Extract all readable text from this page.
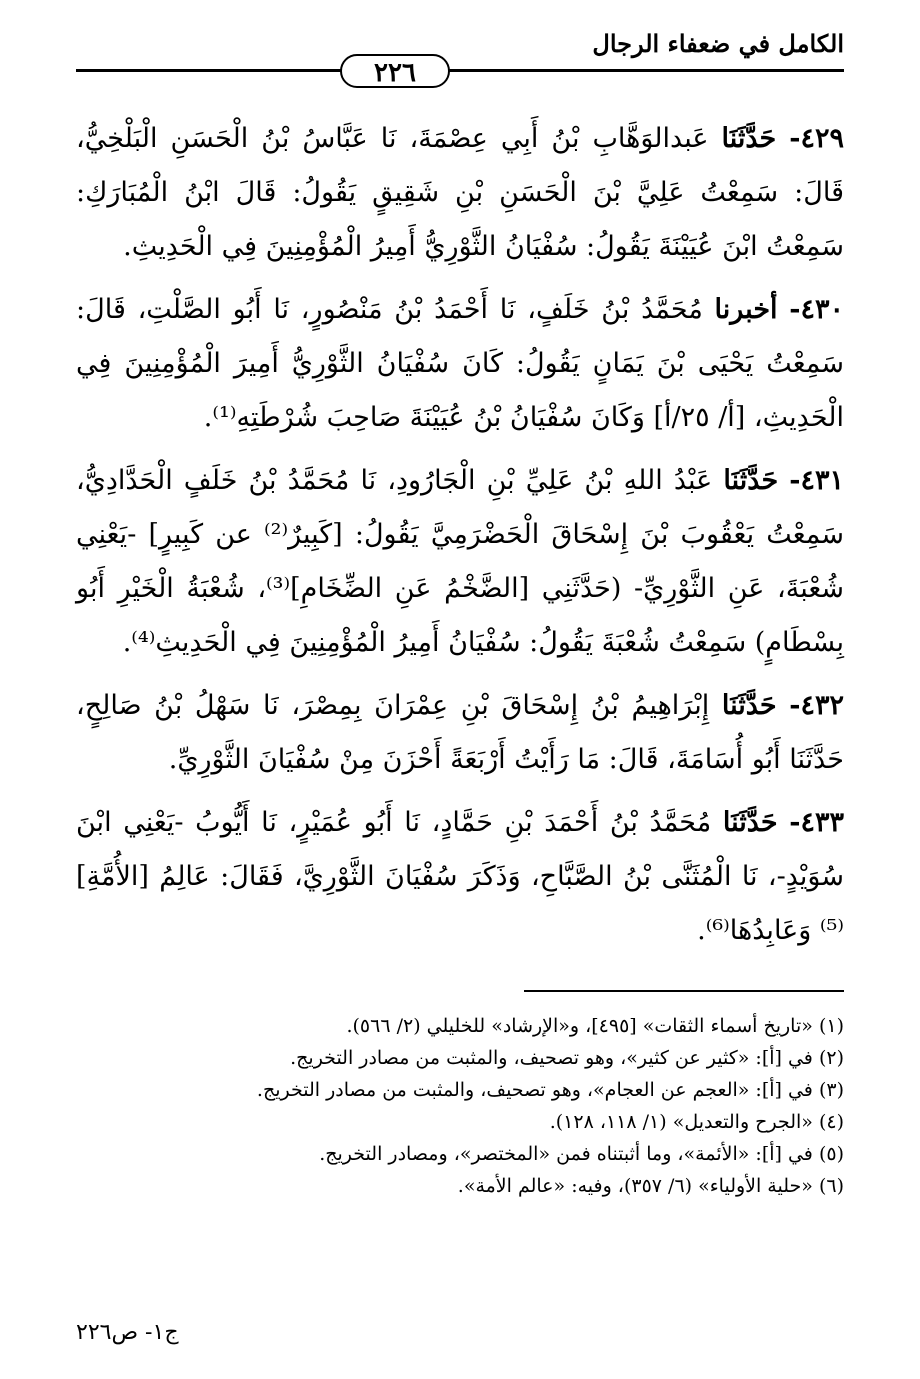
الكامل في ضعفاء الرجال
٢٢٦

٤٢٩- حَدَّثَنَا عَبدالوَهَّابِ بْنُ أَبِي عِصْمَةَ، نَا عَبَّاسُ بْنُ الْحَسَنِ الْبَلْخِيُّ، قَالَ: سَمِعْتُ عَلِيَّ بْنَ الْحَسَنِ بْنِ شَقِيقٍ يَقُولُ: قَالَ ابْنُ الْمُبَارَكِ: سَمِعْتُ ابْنَ عُيَيْنَةَ يَقُولُ: سُفْيَانُ الثَّوْرِيُّ أَمِيرُ الْمُؤْمِنِينَ فِي الْحَدِيثِ.

٤٣٠- أخبرنا مُحَمَّدُ بْنُ خَلَفٍ، نَا أَحْمَدُ بْنُ مَنْصُورٍ، نَا أَبُو الصَّلْتِ، قَالَ: سَمِعْتُ يَحْيَى بْنَ يَمَانٍ يَقُولُ: كَانَ سُفْيَانُ الثَّوْرِيُّ أَمِيرَ الْمُؤْمِنِينَ فِي الْحَدِيثِ، [أ/ ٢٥/أ] وَكَانَ سُفْيَانُ بْنُ عُيَيْنَةَ صَاحِبَ شُرْطَتِهِ⁽¹⁾.

٤٣١- حَدَّثَنَا عَبْدُ اللهِ بْنُ عَلِيِّ بْنِ الْجَارُودِ، نَا مُحَمَّدُ بْنُ خَلَفٍ الْحَدَّادِيُّ، سَمِعْتُ يَعْقُوبَ بْنَ إِسْحَاقَ الْحَضْرَمِيَّ يَقُولُ: [كَبِيرٌ⁽²⁾ عن كَبِيرٍ] -يَعْنِي شُعْبَةَ، عَنِ الثَّوْرِيِّ- (حَدَّثَنِي [الضَّخْمُ عَنِ الضِّخَامِ]⁽³⁾، شُعْبَةُ الْخَيْرِ أَبُو بِسْطَامٍ) سَمِعْتُ شُعْبَةَ يَقُولُ: سُفْيَانُ أَمِيرُ الْمُؤْمِنِينَ فِي الْحَدِيثِ⁽⁴⁾.

٤٣٢- حَدَّثَنَا إِبْرَاهِيمُ بْنُ إِسْحَاقَ بْنِ عِمْرَانَ بِمِصْرَ، نَا سَهْلُ بْنُ صَالِحٍ، حَدَّثَنَا أَبُو أُسَامَةَ، قَالَ: مَا رَأَيْتُ أَرْبَعَةً أَحْزَنَ مِنْ سُفْيَانَ الثَّوْرِيِّ.

٤٣٣- حَدَّثَنَا مُحَمَّدُ بْنُ أَحْمَدَ بْنِ حَمَّادٍ، نَا أَبُو عُمَيْرٍ، نَا أَيُّوبُ -يَعْنِي ابْنَ سُوَيْدٍ-، نَا الْمُثَنَّى بْنُ الصَّبَّاحِ، وَذَكَرَ سُفْيَانَ الثَّوْرِيَّ، فَقَالَ: عَالِمُ [الأُمَّةِ]⁽⁵⁾ وَعَابِدُهَا⁽⁶⁾.

(١) «تاريخ أسماء الثقات» [٤٩٥]، و«الإرشاد» للخليلي (٢/ ٥٦٦).
(٢) في [أ]: «كثير عن كثير»، وهو تصحيف، والمثبت من مصادر التخريج.
(٣) في [أ]: «العجم عن العجام»، وهو تصحيف، والمثبت من مصادر التخريج.
(٤) «الجرح والتعديل» (١/ ١١٨، ١٢٨).
(٥) في [أ]: «الأئمة»، وما أثبتناه فمن «المختصر»، ومصادر التخريج.
(٦) «حلية الأولياء» (٦/ ٣٥٧)، وفيه: «عالم الأمة».
ج١- ص٢٢٦
